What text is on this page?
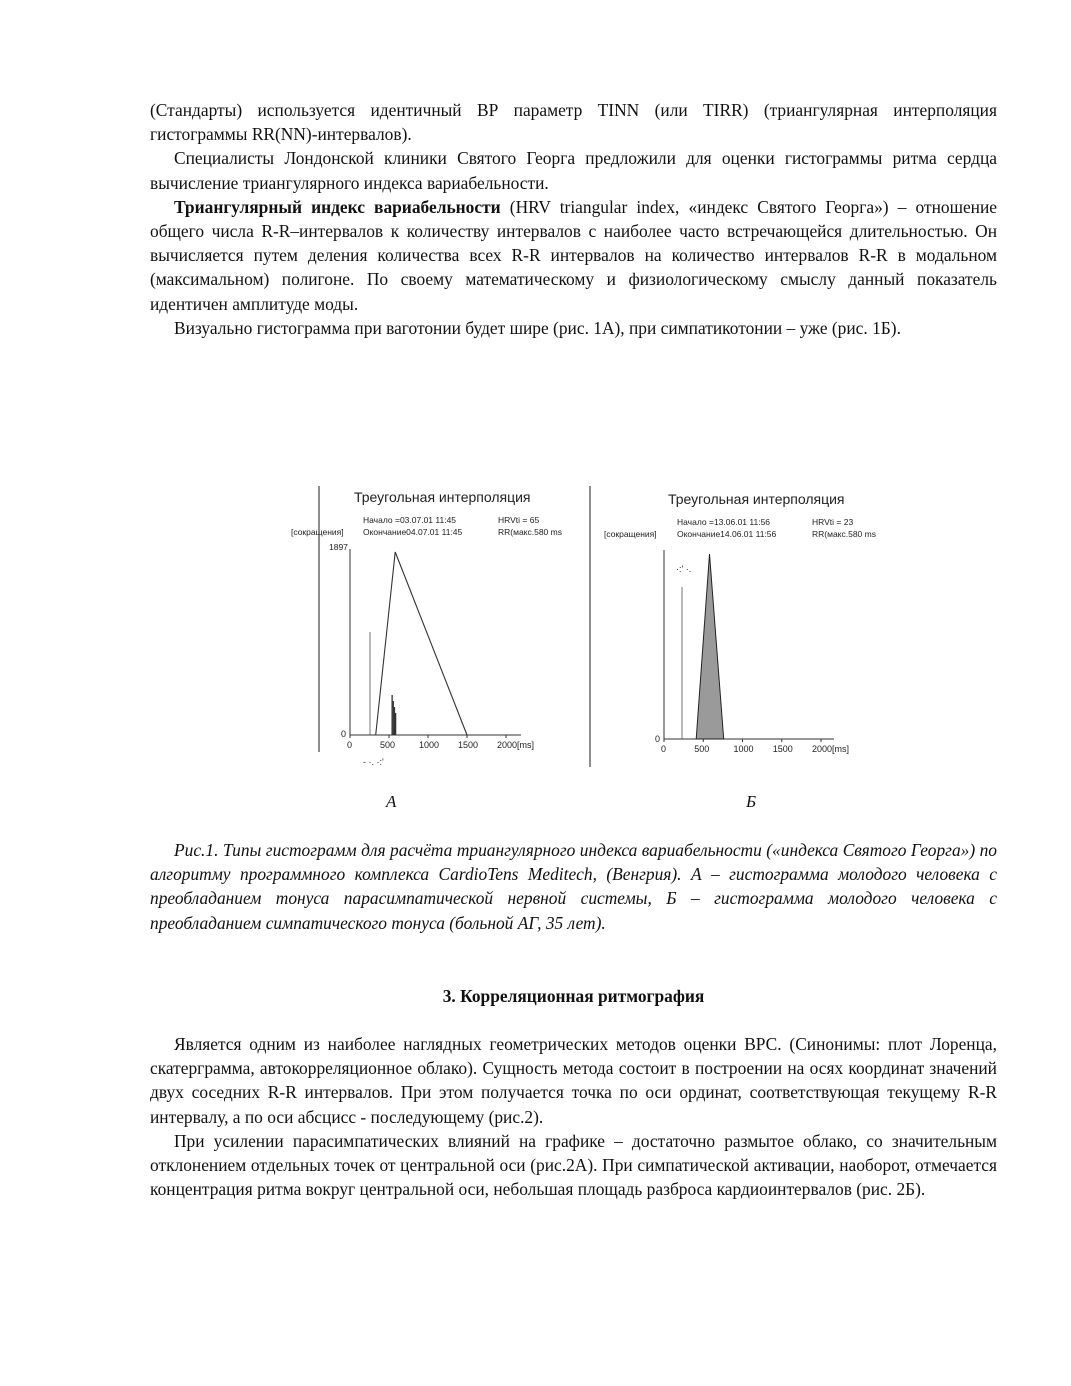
(Стандарты) используется идентичный ВР параметр TINN (или TIRR) (триангулярная интерполяция гистограммы RR(NN)-интервалов).

Специалисты Лондонской клиники Святого Георга предложили для оценки гистограммы ритма сердца вычисление триангулярного индекса вариабельности.

Триангулярный индекс вариабельности (HRV triangular index, «индекс Святого Георга») – отношение общего числа R-R–интервалов к количеству интервалов с наиболее часто встречающейся длительностью. Он вычисляется путем деления количества всех R-R интервалов на количество интервалов R-R в модальном (максимальном) полигоне. По своему математическому и физиологическому смыслу данный показатель идентичен амплитуде моды.

Визуально гистограмма при ваготонии будет шире (рис. 1А), при симпатикотонии – уже (рис. 1Б).

Треугольная интерполяция
Начало =03.07.01 11:45
Окончание04.07.01 11:45
HRVti = 65
RR(макс.580 ms
[сокращения]
1897
0
0	500	1000 1500 2000[ms]
- ·. ·:'
Треугольная интерполяция
Начало =13.06.01 11:56
Окончание14.06.01 11:56
HRVti = 23
RR(макс.580 ms
[сокращения]
0
0	500	1000 1500 2000[ms]
·:' ·.
А	Б

Рис.1. Типы гистограмм для расчёта триангулярного индекса вариабельности («индекса Святого Георга») по алгоритму программного комплекса CardioTens Meditech, (Венгрия). А – гистограмма молодого человека с преобладанием тонуса парасимпатической нервной системы, Б – гистограмма молодого человека с преобладанием симпатического тонуса (больной АГ, 35 лет).

3. Корреляционная ритмография

Является одним из наиболее наглядных геометрических методов оценки ВРС. (Синонимы: плот Лоренца, скатерграмма, автокорреляционное облако). Сущность метода состоит в построении на осях координат значений двух соседних R-R интервалов. При этом получается точка по оси ординат, соответствующая текущему R-R интервалу, а по оси абсцисс - последующему (рис.2).

При усилении парасимпатических влияний на графике – достаточно размытое облако, со значительным отклонением отдельных точек от центральной оси (рис.2А). При симпатической активации, наоборот, отмечается концентрация ритма вокруг центральной оси, небольшая площадь разброса кардиоинтервалов (рис. 2Б).
